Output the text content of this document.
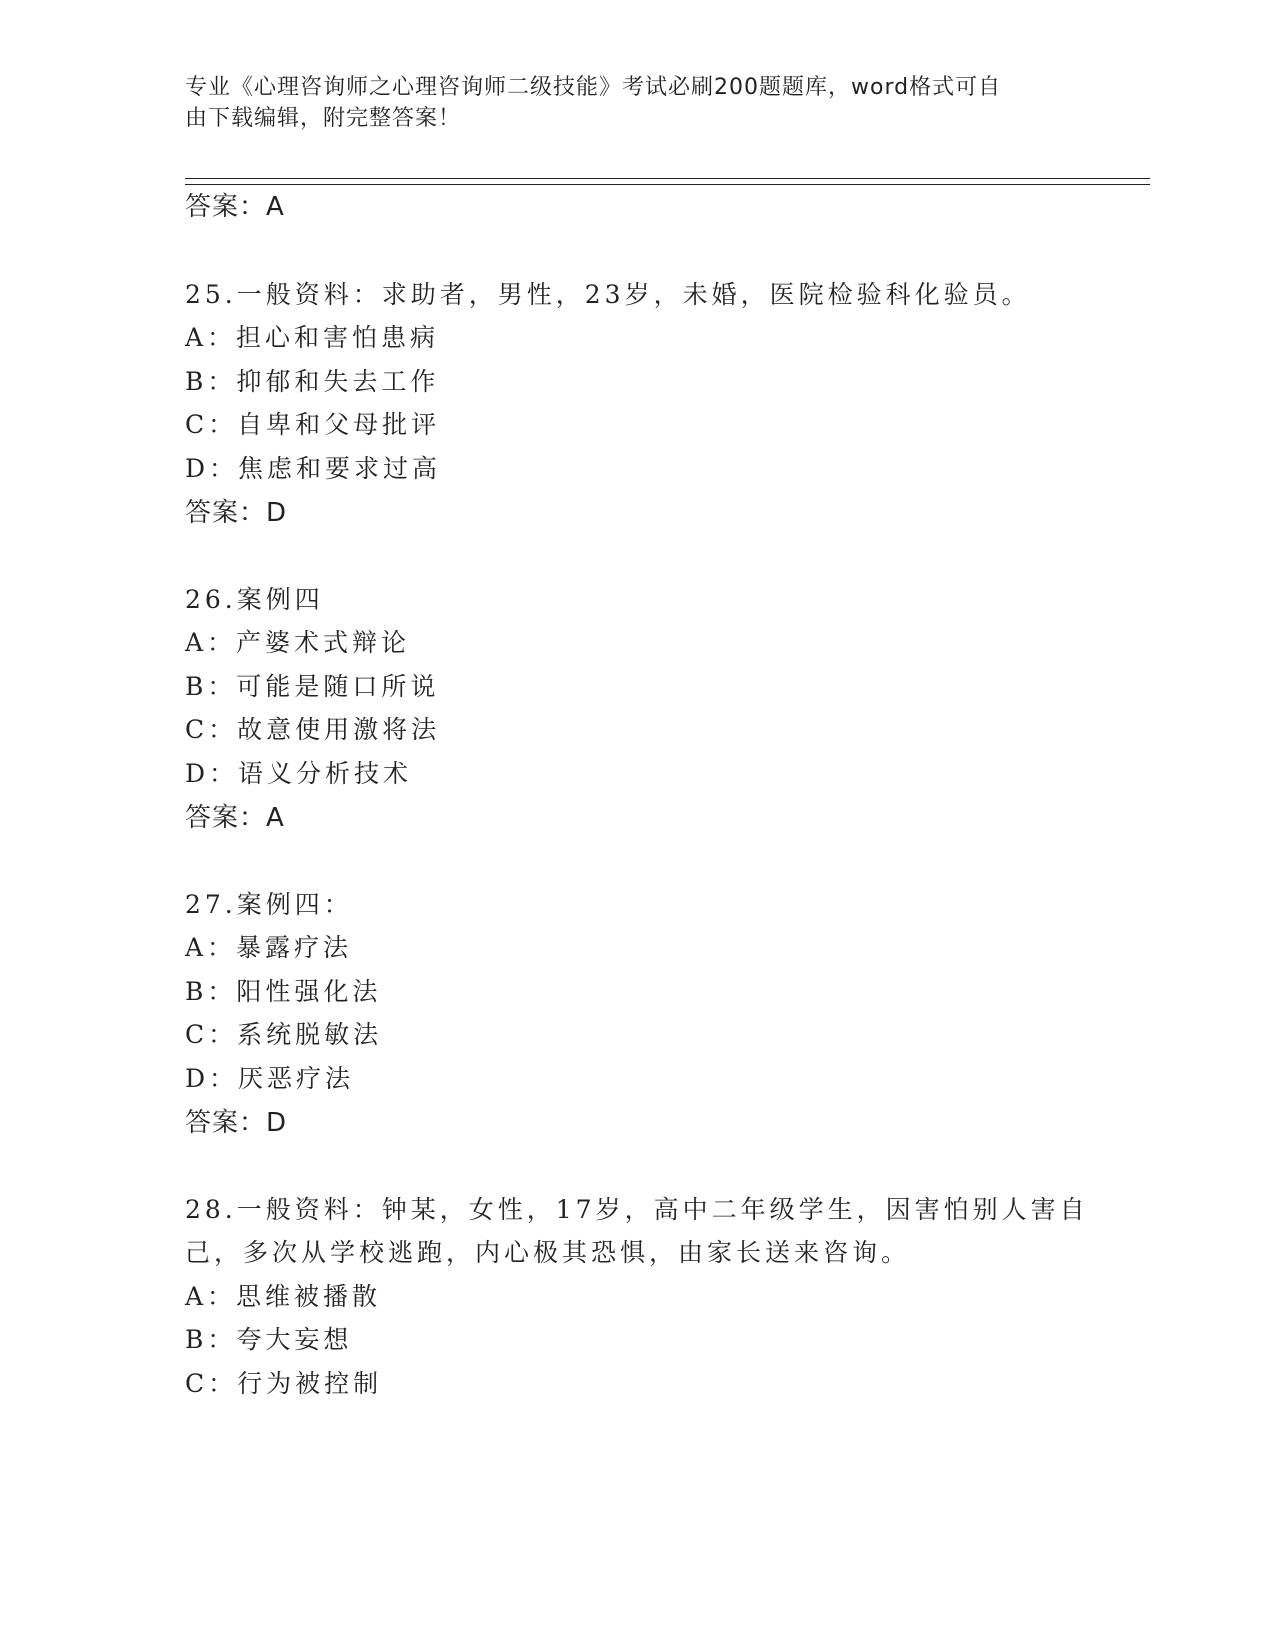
专业《心理咨询师之心理咨询师二级技能》考试必刷200题题库，word格式可自
由下载编辑，附完整答案！
答案：A
25.一般资料：求助者，男性，23岁，未婚，医院检验科化验员。
A：担心和害怕患病
B：抑郁和失去工作
C：自卑和父母批评
D：焦虑和要求过高
答案：D
26.案例四
A：产婆术式辩论
B：可能是随口所说
C：故意使用激将法
D：语义分析技术
答案：A
27.案例四：
A：暴露疗法
B：阳性强化法
C：系统脱敏法
D：厌恶疗法
答案：D
28.一般资料：钟某，女性，17岁，高中二年级学生，因害怕别人害自
己，多次从学校逃跑，内心极其恐惧，由家长送来咨询。
A：思维被播散
B：夸大妄想
C：行为被控制
